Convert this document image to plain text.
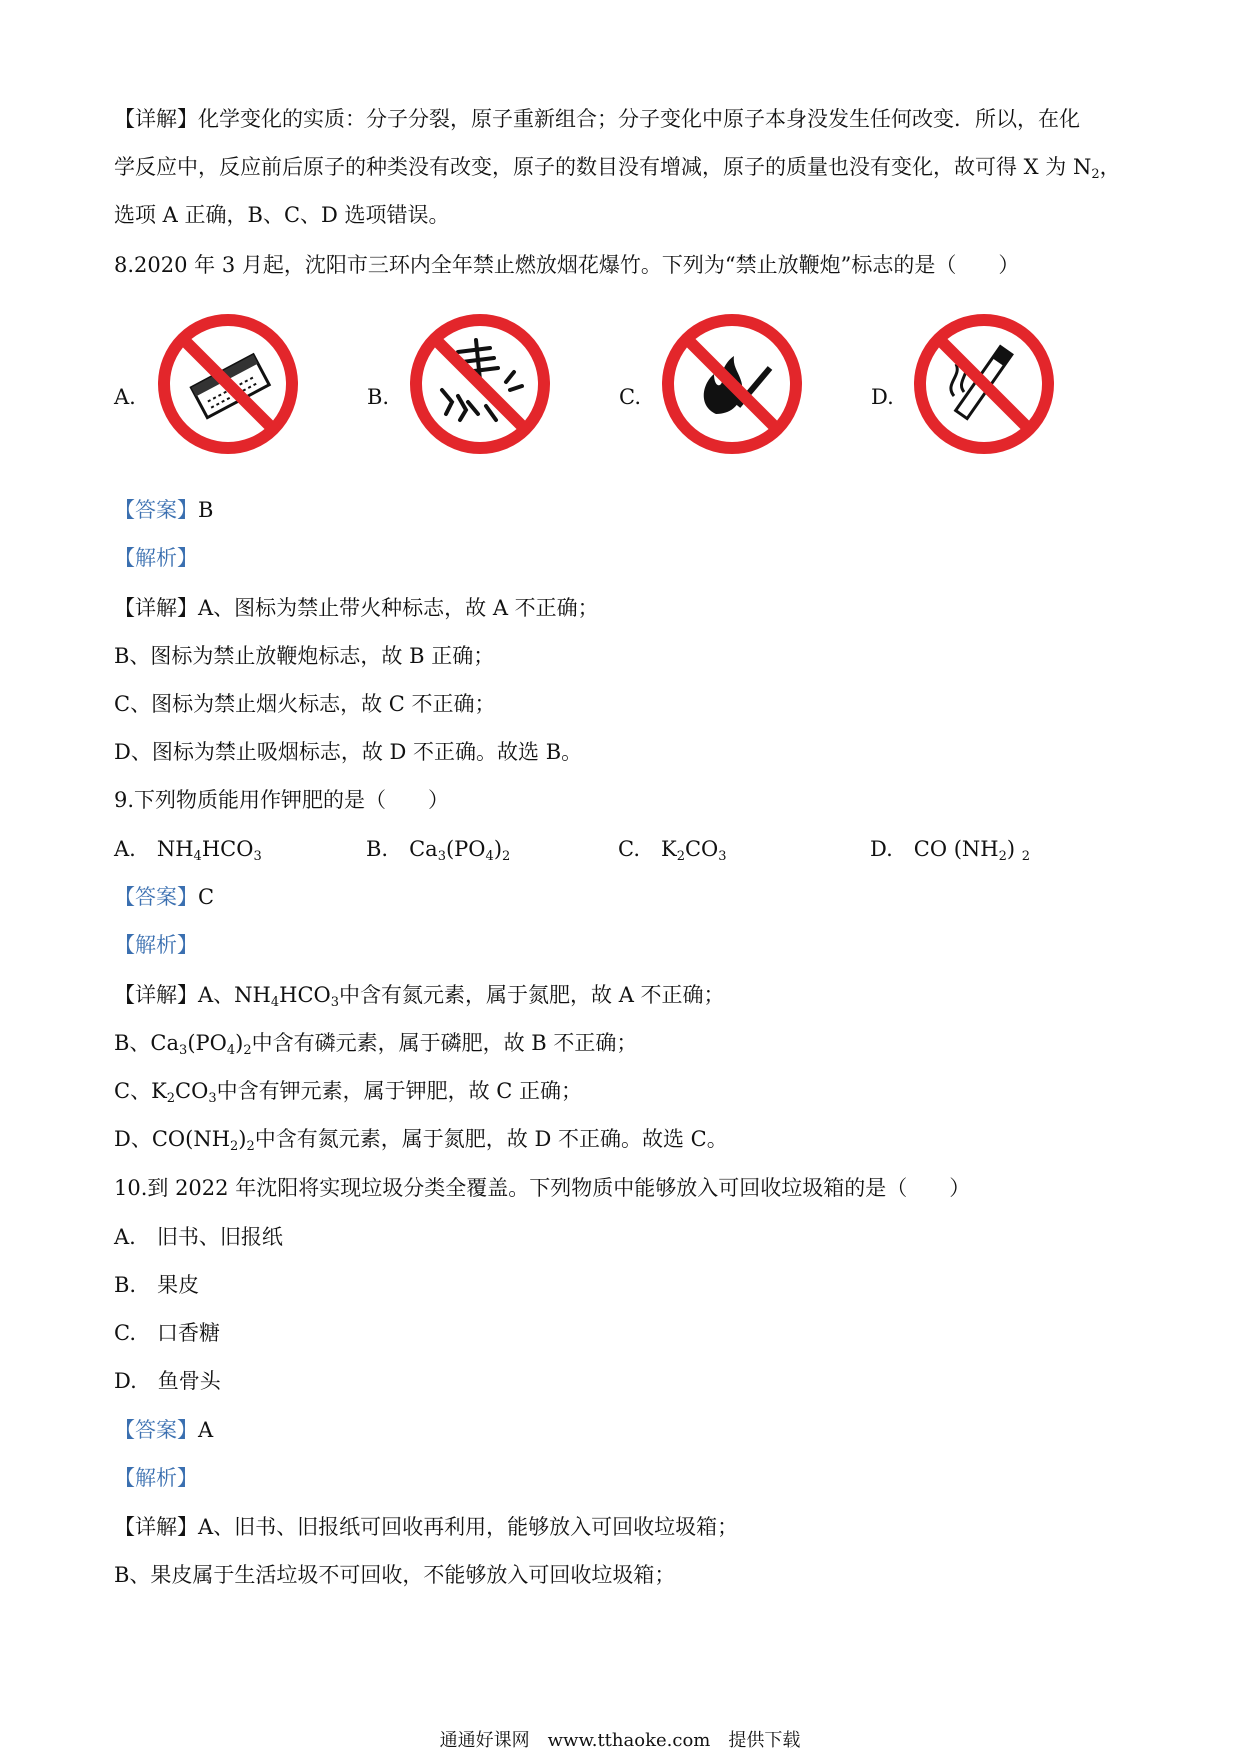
【详解】化学变化的实质：分子分裂，原子重新组合；分子变化中原子本身没发生任何改变．所以，在化
学反应中，反应前后原子的种类没有改变，原子的数目没有增减，原子的质量也没有变化，故可得 X 为 $N_2$，
选项 A 正确，B、C、D 选项错误。
8.2020 年 3 月起，沈阳市三环内全年禁止燃放烟花爆竹。下列为“禁止放鞭炮”标志的是（　　）
A.	B.	C.	D.
【答案】B
【解析】
【详解】A、图标为禁止带火种标志，故 A 不正确；
B、图标为禁止放鞭炮标志，故 B 正确；
C、图标为禁止烟火标志，故 C 不正确；
D、图标为禁止吸烟标志，故 D 不正确。故选 B。
9.下列物质能用作钾肥的是（　　）
A.　$NH_4HCO_3$	B.　$Ca_3(PO_4)_2$	C.　$K_2CO_3$	D.　CO $(NH_2)$ $_2$
【答案】C
【解析】
【详解】A、$NH_4HCO_3$中含有氮元素，属于氮肥，故 A 不正确；
B、$Ca_3(PO_4)_2$中含有磷元素，属于磷肥，故 B 不正确；
C、$K_2CO_3$中含有钾元素，属于钾肥，故 C 正确；
D、$CO(NH_2)_2$中含有氮元素，属于氮肥，故 D 不正确。故选 C。
10.到 2022 年沈阳将实现垃圾分类全覆盖。下列物质中能够放入可回收垃圾箱的是（　　）
A.　旧书、旧报纸
B.　果皮
C.　口香糖
D.　鱼骨头
【答案】A
【解析】
【详解】A、旧书、旧报纸可回收再利用，能够放入可回收垃圾箱；
B、果皮属于生活垃圾不可回收，不能够放入可回收垃圾箱；
通通好课网　www.tthaoke.com　提供下载
